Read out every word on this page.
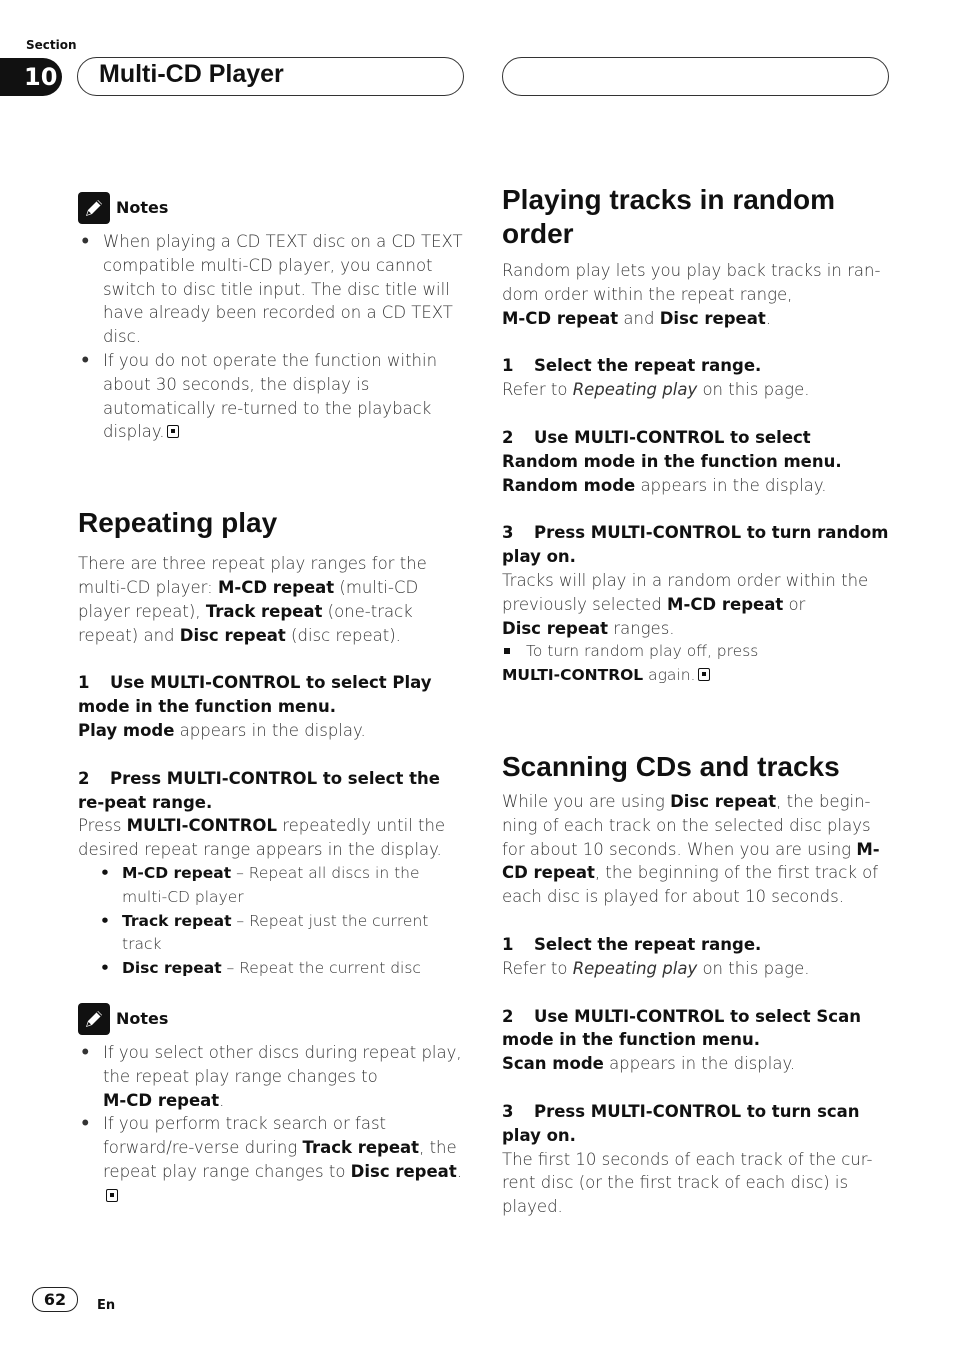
Section
10 Multi-CD Player
Notes
• When playing a CD TEXT disc on a CD TEXT compatible multi-CD player, you cannot switch to disc title input. The disc title will have already been recorded on a CD TEXT disc.
• If you do not operate the function within about 30 seconds, the display is automatically re-turned to the playback display.
Repeating play
There are three repeat play ranges for the multi-CD player: M-CD repeat (multi-CD player repeat), Track repeat (one-track repeat) and Disc repeat (disc repeat).
1 Use MULTI-CONTROL to select Play mode in the function menu.
Play mode appears in the display.
2 Press MULTI-CONTROL to select the re-peat range.
Press MULTI-CONTROL repeatedly until the desired repeat range appears in the display.
• M-CD repeat – Repeat all discs in the multi-CD player
• Track repeat – Repeat just the current track
• Disc repeat – Repeat the current disc
Notes
• If you select other discs during repeat play, the repeat play range changes to
M-CD repeat.
• If you perform track search or fast forward/re-verse during Track repeat, the repeat play range changes to Disc repeat.
Playing tracks in random order
Random play lets you play back tracks in ran-dom order within the repeat range,
M-CD repeat and Disc repeat.
1 Select the repeat range.
Refer to Repeating play on this page.
2 Use MULTI-CONTROL to select Random mode in the function menu.
Random mode appears in the display.
3 Press MULTI-CONTROL to turn random play on.
Tracks will play in a random order within the previously selected M-CD repeat or
Disc repeat ranges.
To turn random play off, press
MULTI-CONTROL again.
Scanning CDs and tracks
While you are using Disc repeat, the begin-ning of each track on the selected disc plays for about 10 seconds. When you are using M-CD repeat, the beginning of the first track of each disc is played for about 10 seconds.
1 Select the repeat range.
Refer to Repeating play on this page.
2 Use MULTI-CONTROL to select Scan mode in the function menu.
Scan mode appears in the display.
3 Press MULTI-CONTROL to turn scan play on.
The first 10 seconds of each track of the cur-rent disc (or the first track of each disc) is played.
62	En
